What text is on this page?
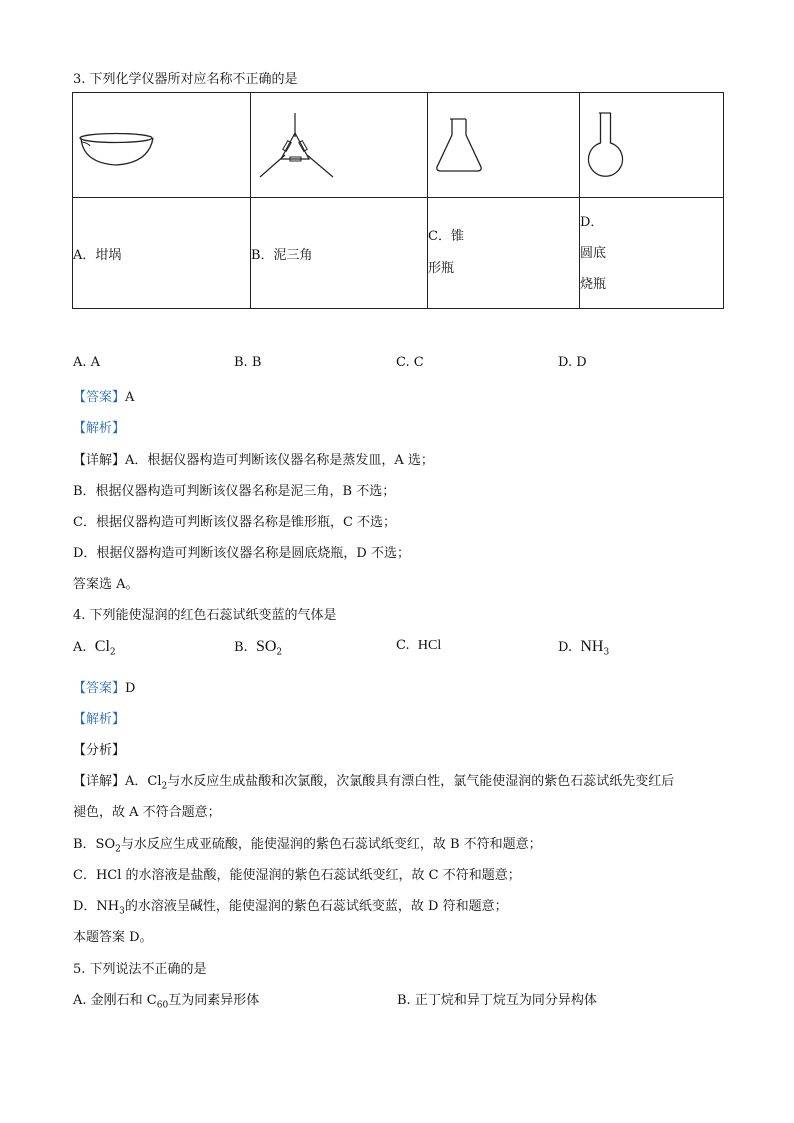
3. 下列化学仪器所对应名称不正确的是

A．坩埚	B．泥三角	C．锥
形瓶	D．
圆底
烧瓶
A. A	B. B	C. C	D. D
【答案】A
【解析】
【详解】A．根据仪器构造可判断该仪器名称是蒸发皿，A 选；
B．根据仪器构造可判断该仪器名称是泥三角，B 不选；
C．根据仪器构造可判断该仪器名称是锥形瓶，C 不选；
D．根据仪器构造可判断该仪器名称是圆底烧瓶，D 不选；
答案选 A。
4. 下列能使湿润的红色石蕊试纸变蓝的气体是
A. $Cl_2$	B. $SO_2$	C. HCl	D. $NH_3$
【答案】D
【解析】
【分析】
【详解】A．$Cl_2$与水反应生成盐酸和次氯酸，次氯酸具有漂白性，氯气能使湿润的紫色石蕊试纸先变红后
褪色，故 A 不符合题意；
B．$SO_2$与水反应生成亚硫酸，能使湿润的紫色石蕊试纸变红，故 B 不符和题意；
C．HCl 的水溶液是盐酸，能使湿润的紫色石蕊试纸变红，故 C 不符和题意；
D．$NH_3$的水溶液呈碱性，能使湿润的紫色石蕊试纸变蓝，故 D 符和题意；
本题答案 D。
5. 下列说法不正确的是
A. 金刚石和 $C_{60}$互为同素异形体	B. 正丁烷和异丁烷互为同分异构体
